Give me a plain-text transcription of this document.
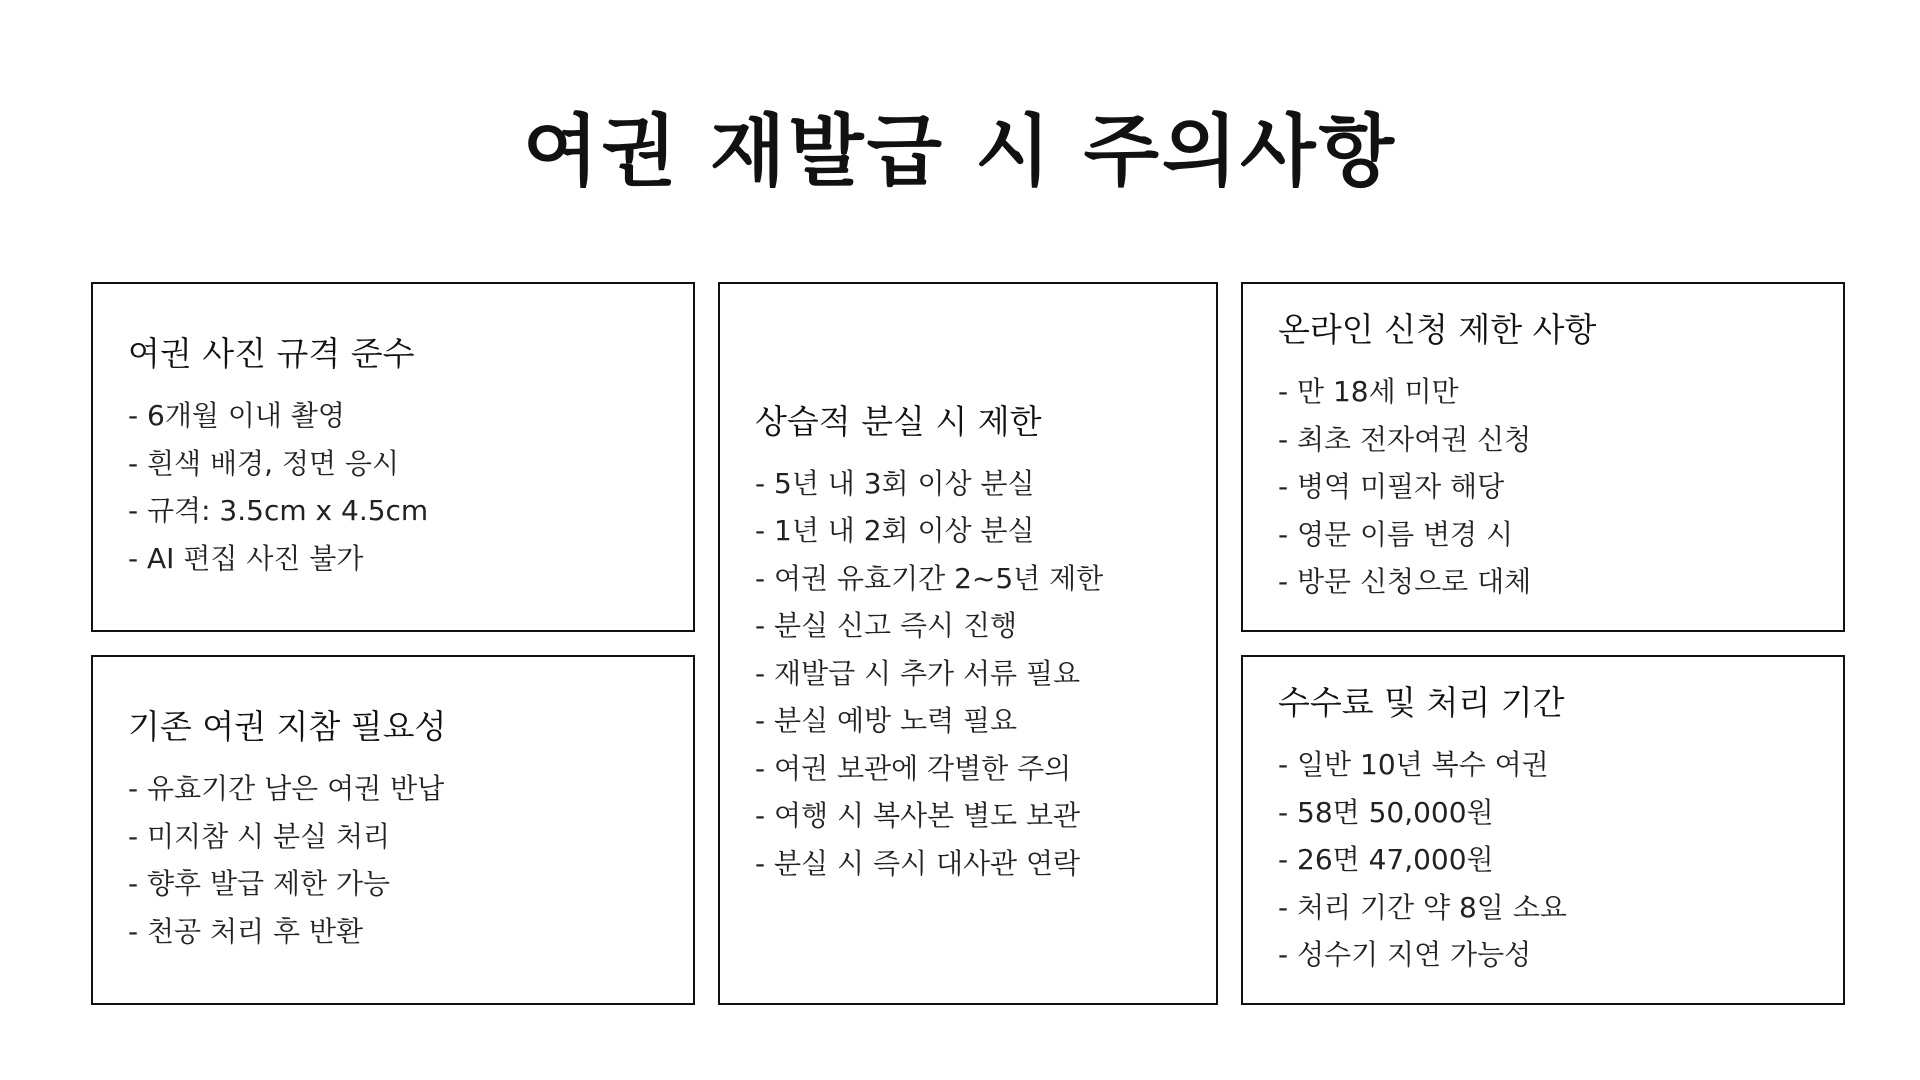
여권 재발급 시 주의사항
여권 사진 규격 준수
- 6개월 이내 촬영
- 흰색 배경, 정면 응시
- 규격: 3.5cm x 4.5cm
- AI 편집 사진 불가
기존 여권 지참 필요성
- 유효기간 남은 여권 반납
- 미지참 시 분실 처리
- 향후 발급 제한 가능
- 천공 처리 후 반환
상습적 분실 시 제한
- 5년 내 3회 이상 분실
- 1년 내 2회 이상 분실
- 여권 유효기간 2~5년 제한
- 분실 신고 즉시 진행
- 재발급 시 추가 서류 필요
- 분실 예방 노력 필요
- 여권 보관에 각별한 주의
- 여행 시 복사본 별도 보관
- 분실 시 즉시 대사관 연락
온라인 신청 제한 사항
- 만 18세 미만
- 최초 전자여권 신청
- 병역 미필자 해당
- 영문 이름 변경 시
- 방문 신청으로 대체
수수료 및 처리 기간
- 일반 10년 복수 여권
- 58면 50,000원
- 26면 47,000원
- 처리 기간 약 8일 소요
- 성수기 지연 가능성
